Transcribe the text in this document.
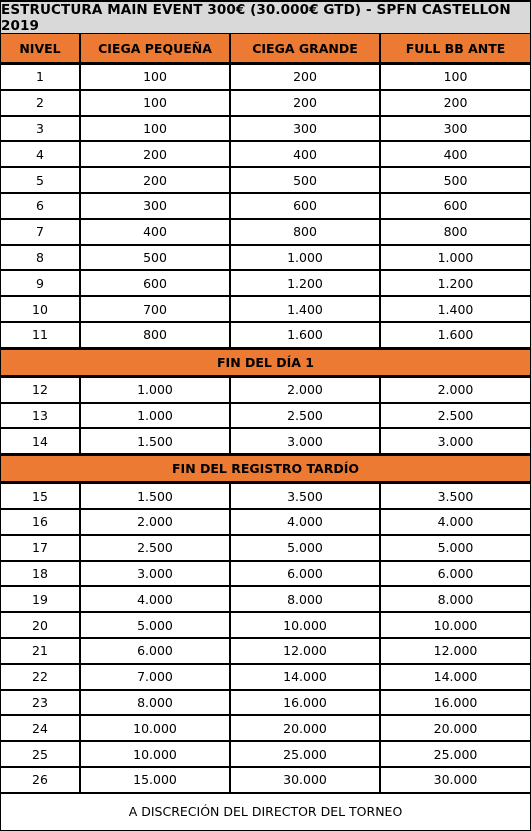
ESTRUCTURA MAIN EVENT 300€ (30.000€ GTD) - SPFN CASTELLON 2019
NIVEL	CIEGA PEQUEÑA	CIEGA GRANDE	FULL BB ANTE
1	100	200	100
2	100	200	200
3	100	300	300
4	200	400	400
5	200	500	500
6	300	600	600
7	400	800	800
8	500	1.000	1.000
9	600	1.200	1.200
10	700	1.400	1.400
11	800	1.600	1.600
FIN DEL DÍA 1
12	1.000	2.000	2.000
13	1.000	2.500	2.500
14	1.500	3.000	3.000
FIN DEL REGISTRO TARDÍO
15	1.500	3.500	3.500
16	2.000	4.000	4.000
17	2.500	5.000	5.000
18	3.000	6.000	6.000
19	4.000	8.000	8.000
20	5.000	10.000	10.000
21	6.000	12.000	12.000
22	7.000	14.000	14.000
23	8.000	16.000	16.000
24	10.000	20.000	20.000
25	10.000	25.000	25.000
26	15.000	30.000	30.000
A DISCRECIÓN DEL DIRECTOR DEL TORNEO
